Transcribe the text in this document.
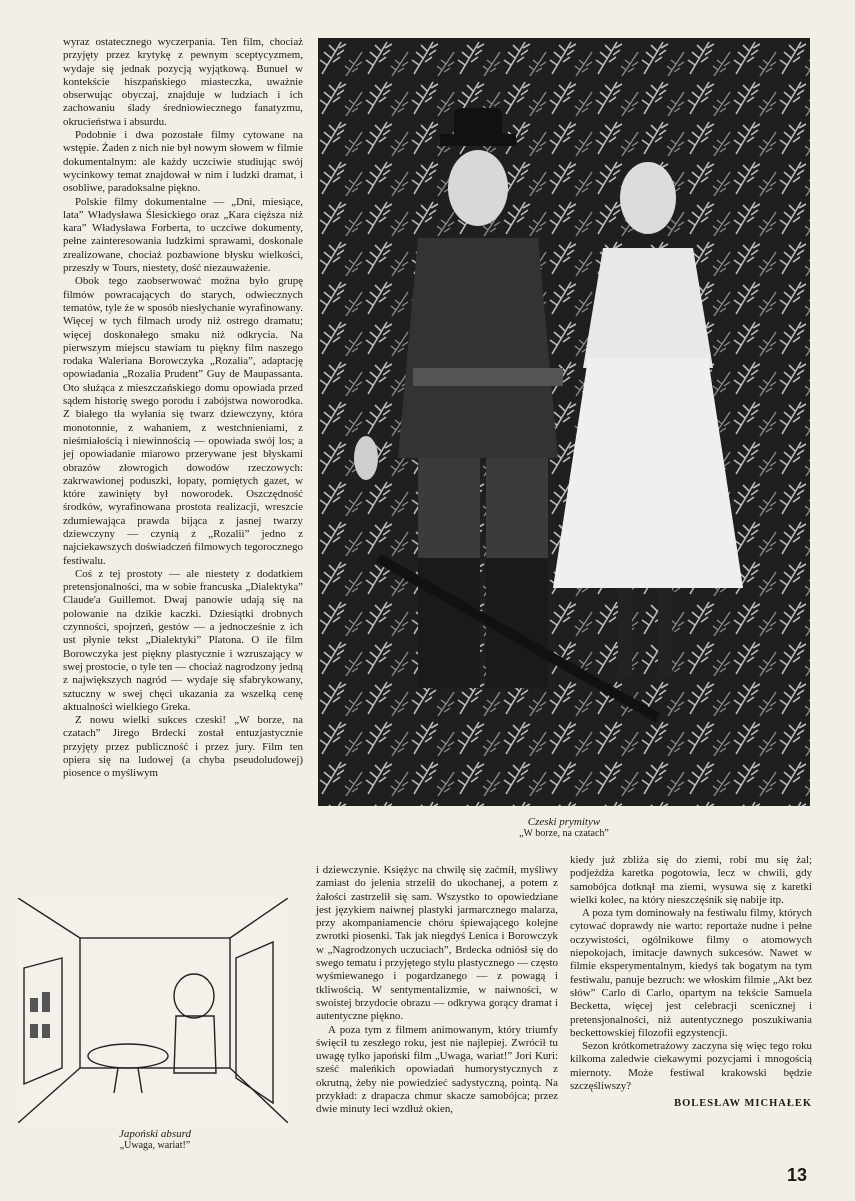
wyraz ostatecznego wyczerpania. Ten film, chociaż przyjęty przez krytykę z pewnym sceptycyzmem, wydaje się jednak pozycją wyjątkową. Bunuel w kontekście hiszpańskiego miasteczka, uważnie obserwując obyczaj, znajduje w ludziach i ich zachowaniu ślady średniowiecznego fanatyzmu, okrucieństwa i absurdu.

Podobnie i dwa pozostałe filmy cytowane na wstępie. Żaden z nich nie był nowym słowem w filmie dokumentalnym: ale każdy uczciwie studiując swój wycinkowy temat znajdował w nim i ludzki dramat, i osobliwe, paradoksalne piękno.

Polskie filmy dokumentalne — „Dni, miesiące, lata” Władysława Ślesickiego oraz „Kara cięższa niż kara” Władysława Forberta, to uczciwe dokumenty, pełne zainteresowania ludzkimi sprawami, doskonale zrealizowane, chociaż pozbawione błysku wielkości, przeszły w Tours, niestety, dość niezauważenie.

Obok tego zaobserwować można było grupę filmów powracających do starych, odwiecznych tematów, tyle że w sposób niesłychanie wyrafinowany. Więcej w tych filmach urody niż ostrego dramatu; więcej doskonałego smaku niż odkrycia. Na pierwszym miejscu stawiam tu piękny film naszego rodaka Waleriana Borowczyka „Rozalia”, adaptację opowiadania „Rozalia Prudent” Guy de Maupassanta. Oto służąca z mieszczańskiego domu opowiada przed sądem historię swego porodu i zabójstwa noworodka. Z białego tła wyłania się twarz dziewczyny, która monotonnie, z wahaniem, z westchnieniami, z nieśmiałością i niewinnością — opowiada swój los; a jej opowiadanie miarowo przerywane jest błyskami obrazów złowrogich dowodów rzeczowych: zakrwawionej poduszki, łopaty, pomiętych gazet, w które zawinięty był noworodek. Oszczędność środków, wyrafinowana prostota realizacji, wreszcie zdumiewająca prawda bijąca z jasnej twarzy dziewczyny — czynią z „Rozalii” jedno z najciekawszych doświadczeń filmowych tegorocznego festiwalu.

Coś z tej prostoty — ale niestety z dodatkiem pretensjonalności, ma w sobie francuska „Dialektyka” Claude'a Guillemot. Dwaj panowie udają się na polowanie na dzikie kaczki. Dziesiątki drobnych czynności, spojrzeń, gestów — a jednocześnie z ich ust płynie tekst „Dialektyki” Platona. O ile film Borowczyka jest piękny plastycznie i wzruszający w swej prostocie, o tyle ten — chociaż nagrodzony jedną z największych nagród — wydaje się sfabrykowany, sztuczny w swej chęci ukazania za wszelką cenę aktualności wielkiego Greka.

Z nowu wielki sukces czeski! „W borze, na czatach” Jirego Brdecki został entuzjastycznie przyjęty przez publiczność i przez jury. Film ten opiera się na ludowej (a chyba pseudoludowej) piosence o myśliwym

Czeski prymityw
„W borze, na czatach”
Japoński absurd
„Uwaga, wariat!”

i dziewczynie. Księżyc na chwilę się zaćmił, myśliwy zamiast do jelenia strzelił do ukochanej, a potem z żałości zastrzelił się sam. Wszystko to opowiedziane jest językiem naiwnej plastyki jarmarcznego malarza, przy akompaniamencie chóru śpiewającego kolejne zwrotki piosenki. Tak jak niegdyś Lenica i Borowczyk w „Nagrodzonych uczuciach”, Brdecka odniósł się do swego tematu i przyjętego stylu plastycznego — często wyśmiewanego i pogardzanego — z powagą i tkliwością. W sentymentalizmie, w naiwności, w swoistej brzydocie obrazu — odkrywa gorący dramat i autentyczne piękno.

A poza tym z filmem animowanym, który triumfy święcił tu zeszłego roku, jest nie najlepiej. Zwrócił tu uwagę tylko japoński film „Uwaga, wariat!” Jori Kuri: sześć maleńkich opowiadań humorystycznych z okrutną, żeby nie powiedzieć sadystyczną, pointą. Na przykład: z drapacza chmur skacze samobójca; przez dwie minuty leci wzdłuż okien,

kiedy już zbliża się do ziemi, robi mu się żal; podjeżdża karetka pogotowia, lecz w chwili, gdy samobójca dotknął ma ziemi, wysuwa się z karetki wielki kolec, na który nieszczęśnik się nabije itp.

A poza tym dominowały na festiwalu filmy, których cytować doprawdy nie warto: reportaże nudne i pełne oczywistości, ogólnikowe filmy o atomowych niepokojach, imitacje dawnych sukcesów. Nawet w filmie eksperymentalnym, kiedyś tak bogatym na tym festiwalu, panuje bezruch: we włoskim filmie „Akt bez słów” Carlo di Carlo, opartym na tekście Samuela Becketta, więcej jest celebracji scenicznej i pretensjonalności, niż autentycznego poszukiwania beckettowskiej filozofii egzystencji.

Sezon krótkometrażowy zaczyna się więc tego roku kilkoma zaledwie ciekawymi pozycjami i mnogością miernoty. Może festiwal krakowski będzie szczęśliwszy?

BOLESŁAW MICHAŁEK
13
